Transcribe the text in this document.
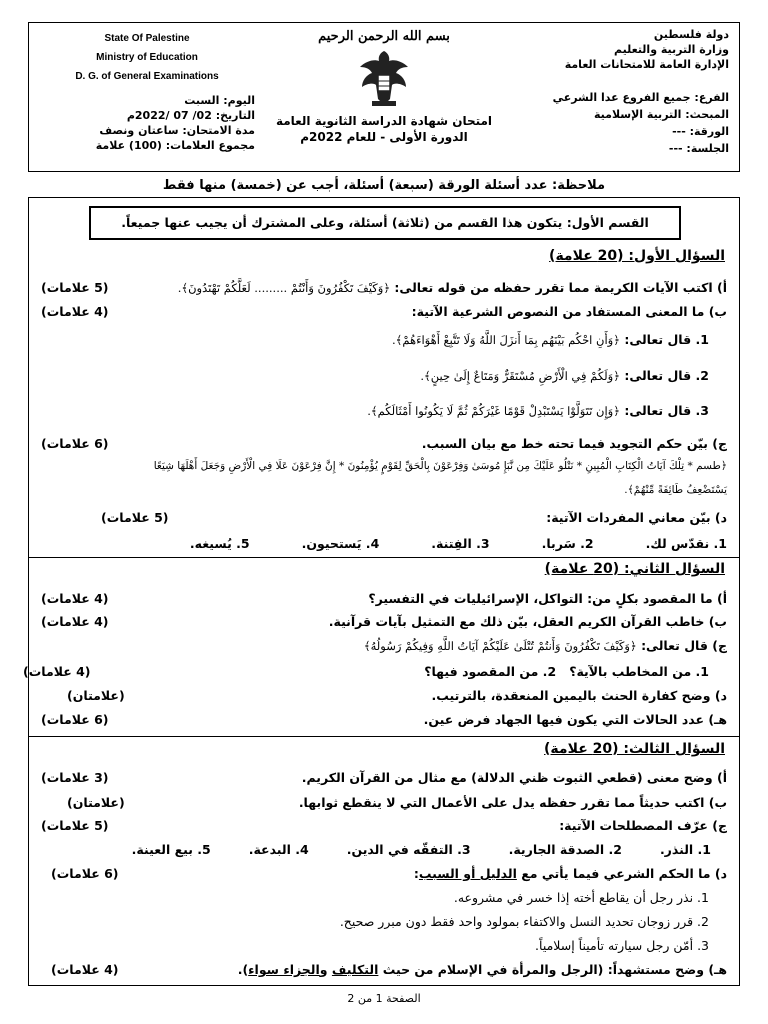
State Of Palestine
Ministry of Education
D. G. of General Examinations
بسم الله الرحمن الرحيم
امتحان شهادة الدراسة الثانوية العامة
الدورة الأولى - للعام 2022م
دولة فلسطين
وزارة التربية والتعليم
الإدارة العامة للامتحانات العامة
اليوم: السبت
التاريخ: 02/ 07 /2022م
مدة الامتحان: ساعتان ونصف
مجموع العلامات: (100) علامة
الفرع: جميع الفروع عدا الشرعي
المبحث: التربية الإسلامية
الورقة: ---
الجلسة: ---
ملاحظة: عدد أسئلة الورقة (سبعة) أسئلة، أجب عن (خمسة) منها فقط
القسم الأول: يتكون هذا القسم من (ثلاثة) أسئلة، وعلى المشترك أن يجيب عنها جميعاً.
السؤال الأول: (20 علامة)
أ) اكتب الآيات الكريمة مما تقرر حفظه من قوله تعالى: ﴿وَكَيْفَ تَكْفُرُونَ وَأَنْتُمْ ......... لَعَلَّكُمْ تَهْتَدُونَ﴾.
(5 علامات)
ب) ما المعنى المستفاد من النصوص الشرعية الآتية:
(4 علامات)
1. قال تعالى: ﴿وَأَنِ احْكُم بَيْنَهُم بِمَا أَنزَلَ اللَّهُ وَلَا تَتَّبِعْ أَهْوَاءَهُمْ﴾.
2. قال تعالى: ﴿وَلَكُمْ فِي الْأَرْضِ مُسْتَقَرٌّ وَمَتَاعٌ إِلَىٰ حِينٍ﴾.
3. قال تعالى: ﴿وَإِن تَتَوَلَّوْا يَسْتَبْدِلْ قَوْمًا غَيْرَكُمْ ثُمَّ لَا يَكُونُوا أَمْثَالَكُم﴾.
ج) بيّن حكم التجويد فيما تحته خط مع بيان السبب.
(6 علامات)
﴿طسم * تِلْكَ آيَاتُ الْكِتَابِ الْمُبِينِ * نَتْلُو عَلَيْكَ مِن نَّبَإِ مُوسَىٰ وَفِرْعَوْنَ بِالْحَقِّ لِقَوْمٍ يُؤْمِنُونَ * إِنَّ فِرْعَوْنَ عَلَا فِي الْأَرْضِ وَجَعَلَ أَهْلَهَا شِيَعًا
يَسْتَضْعِفُ طَائِفَةً مِّنْهُمْ﴾.
د) بيّن معاني المفردات الآتية:
(5 علامات)
1. نقدّس لك.
2. سَربا.
3. الفِتنة.
4. يَستحيون.
5. يُسيغه.
السؤال الثاني: (20 علامة)
أ) ما المقصود بكلٍ من: التواكل، الإسرائيليات في التفسير؟
(4 علامات)
ب) خاطب القرآن الكريم العقل، بيّن ذلك مع التمثيل بآيات قرآنية.
(4 علامات)
ج) قال تعالى: ﴿وَكَيْفَ تَكْفُرُونَ وَأَنتُمْ تُتْلَىٰ عَلَيْكُمْ آيَاتُ اللَّهِ وَفِيكُمْ رَسُولُهُ﴾
1. من المخاطب بالآية؟   2. من المقصود فيها؟
(4 علامات)
د) وضح كفارة الحنث باليمين المنعقدة، بالترتيب.
(علامتان)
هـ) عدد الحالات التي يكون فيها الجهاد فرض عين.
(6 علامات)
السؤال الثالث: (20 علامة)
أ) وضح معنى (قطعي الثبوت ظني الدلالة) مع مثال من القرآن الكريم.
(3 علامات)
ب) اكتب حديثاً مما تقرر حفظه يدل على الأعمال التي لا ينقطع ثوابها.
(علامتان)
ج) عرّف المصطلحات الآتية:
(5 علامات)
1. النذر.
2. الصدقة الجارية.
3. التفقّه في الدين.
4. البدعة.
5. بيع العينة.
د) ما الحكم الشرعي فيما يأتي مع الدليل أو السبب:
(6 علامات)
1. نذر رجل أن يقاطع أخته إذا خسر في مشروعه.
2. قرر زوجان تحديد النسل والاكتفاء بمولود واحد فقط دون مبرر صحيح.
3. أمّن رجل سيارته تأميناً إسلامياً.
هـ) وضح مستشهداً: (الرجل والمرأة في الإسلام من حيث التكليف والجزاء سواء).
(4 علامات)
الصفحة 1 من 2
